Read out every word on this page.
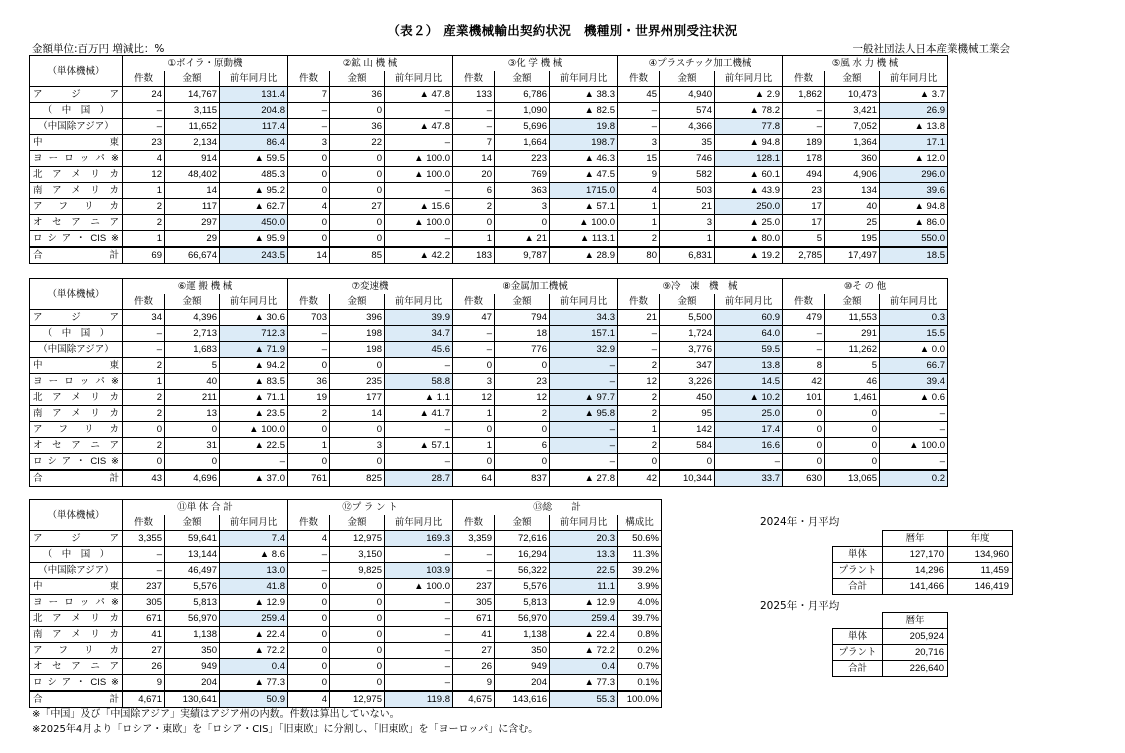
（表２） 産業機械輸出契約状況　機種別・世界州別受注状況
金額単位:百万円 増減比：%	一般社団法人日本産業機械工業会
（単体機械）	①ボイラ・原動機			②鉱 山 機 械			③化 学 機 械			④プラスチック加工機械			⑤風 水 力 機 械		
	件数	金額	前年同月比	件数	金額	前年同月比	件数	金額	前年同月比	件数	金額	前年同月比	件数	金額	前年同月比
ア　ジ　ア	24	14,767	131.4	7	36	▲ 47.8	133	6,786	▲ 38.3	45	4,940	▲ 2.9	1,862	10,473	▲ 3.7
（　中　国　）	–	3,115	204.8	–	0	–	–	1,090	▲ 82.5	–	574	▲ 78.2	–	3,421	26.9
（中国除アジア）	–	11,652	117.4	–	36	▲ 47.8	–	5,696	19.8	–	4,366	77.8	–	7,052	▲ 13.8
中　　東	23	2,134	86.4	3	22	–	7	1,664	198.7	3	35	▲ 94.8	189	1,364	17.1
ヨーロッパ※	4	914	▲ 59.5	0	0	▲ 100.0	14	223	▲ 46.3	15	746	128.1	178	360	▲ 12.0
北 ア メ リ カ	12	48,402	485.3	0	0	▲ 100.0	20	769	▲ 47.5	9	582	▲ 60.1	494	4,906	296.0
南 ア メ リ カ	1	14	▲ 95.2	0	0	–	6	363	1715.0	4	503	▲ 43.9	23	134	39.6
ア フ リ カ	2	117	▲ 62.7	4	27	▲ 15.6	2	3	▲ 57.1	1	21	250.0	17	40	▲ 94.8
オ セ ア ニ ア	2	297	450.0	0	0	▲ 100.0	0	0	▲ 100.0	1	3	▲ 25.0	17	25	▲ 86.0
ロシア・CIS※	1	29	▲ 95.9	0	0	–	1	▲ 21	▲ 113.1	2	1	▲ 80.0	5	195	550.0
合　　計	69	66,674	243.5	14	85	▲ 42.2	183	9,787	▲ 28.9	80	6,831	▲ 19.2	2,785	17,497	18.5
（単体機械）	⑥運 搬 機 械			⑦変速機			⑧金属加工機械			⑨冷　凍　機　械			⑩そ の 他		
	件数	金額	前年同月比	件数	金額	前年同月比	件数	金額	前年同月比	件数	金額	前年同月比	件数	金額	前年同月比
ア　ジ　ア	34	4,396	▲ 30.6	703	396	39.9	47	794	34.3	21	5,500	60.9	479	11,553	0.3
（　中　国　）	–	2,713	712.3	–	198	34.7	–	18	157.1	–	1,724	64.0	–	291	15.5
（中国除アジア）	–	1,683	▲ 71.9	–	198	45.6	–	776	32.9	–	3,776	59.5	–	11,262	▲ 0.0
中　　東	2	5	▲ 94.2	0	0	–	0	0	–	2	347	13.8	8	5	66.7
ヨーロッパ※	1	40	▲ 83.5	36	235	58.8	3	23	–	12	3,226	14.5	42	46	39.4
北 ア メ リ カ	2	211	▲ 71.1	19	177	▲ 1.1	12	12	▲ 97.7	2	450	▲ 10.2	101	1,461	▲ 0.6
南 ア メ リ カ	2	13	▲ 23.5	2	14	▲ 41.7	1	2	▲ 95.8	2	95	25.0	0	0	–
ア フ リ カ	0	0	▲ 100.0	0	0	–	0	0	–	1	142	17.4	0	0	–
オ セ ア ニ ア	2	31	▲ 22.5	1	3	▲ 57.1	1	6	–	2	584	16.6	0	0	▲ 100.0
ロシア・CIS※	0	0	–	0	0	–	0	0	–	0	0	–	0	0	–
合　　計	43	4,696	▲ 37.0	761	825	28.7	64	837	▲ 27.8	42	10,344	33.7	630	13,065	0.2
（単体機械）	⑪単 体 合 計			⑫プ ラ ン ト			⑬総　　計			
	件数	金額	前年同月比	件数	金額	前年同月比	件数	金額	前年同月比	構成比
ア　ジ　ア	3,355	59,641	7.4	4	12,975	169.3	3,359	72,616	20.3	50.6%
（　中　国　）	–	13,144	▲ 8.6	–	3,150	–	–	16,294	13.3	11.3%
（中国除アジア）	–	46,497	13.0	–	9,825	103.9	–	56,322	22.5	39.2%
中　　東	237	5,576	41.8	0	0	▲ 100.0	237	5,576	11.1	3.9%
ヨーロッパ※	305	5,813	▲ 12.9	0	0	–	305	5,813	▲ 12.9	4.0%
北 ア メ リ カ	671	56,970	259.4	0	0	–	671	56,970	259.4	39.7%
南 ア メ リ カ	41	1,138	▲ 22.4	0	0	–	41	1,138	▲ 22.4	0.8%
ア フ リ カ	27	350	▲ 72.2	0	0	–	27	350	▲ 72.2	0.2%
オ セ ア ニ ア	26	949	0.4	0	0	–	26	949	0.4	0.7%
ロシア・CIS※	9	204	▲ 77.3	0	0	–	9	204	▲ 77.3	0.1%
合　　計	4,671	130,641	50.9	4	12,975	119.8	4,675	143,616	55.3	100.0%
2024年・月平均
	暦年	年度
単体	127,170	134,960
プラント	14,296	11,459
合計	141,466	146,419
2025年・月平均
	暦年
単体	205,924
プラント	20,716
合計	226,640
※「中国」及び「中国除アジア」実績はアジア州の内数。件数は算出していない。
※2025年4月より「ロシア・東欧」を「ロシア・CIS」「旧東欧」に分割し、「旧東欧」を「ヨーロッパ」に含む。
